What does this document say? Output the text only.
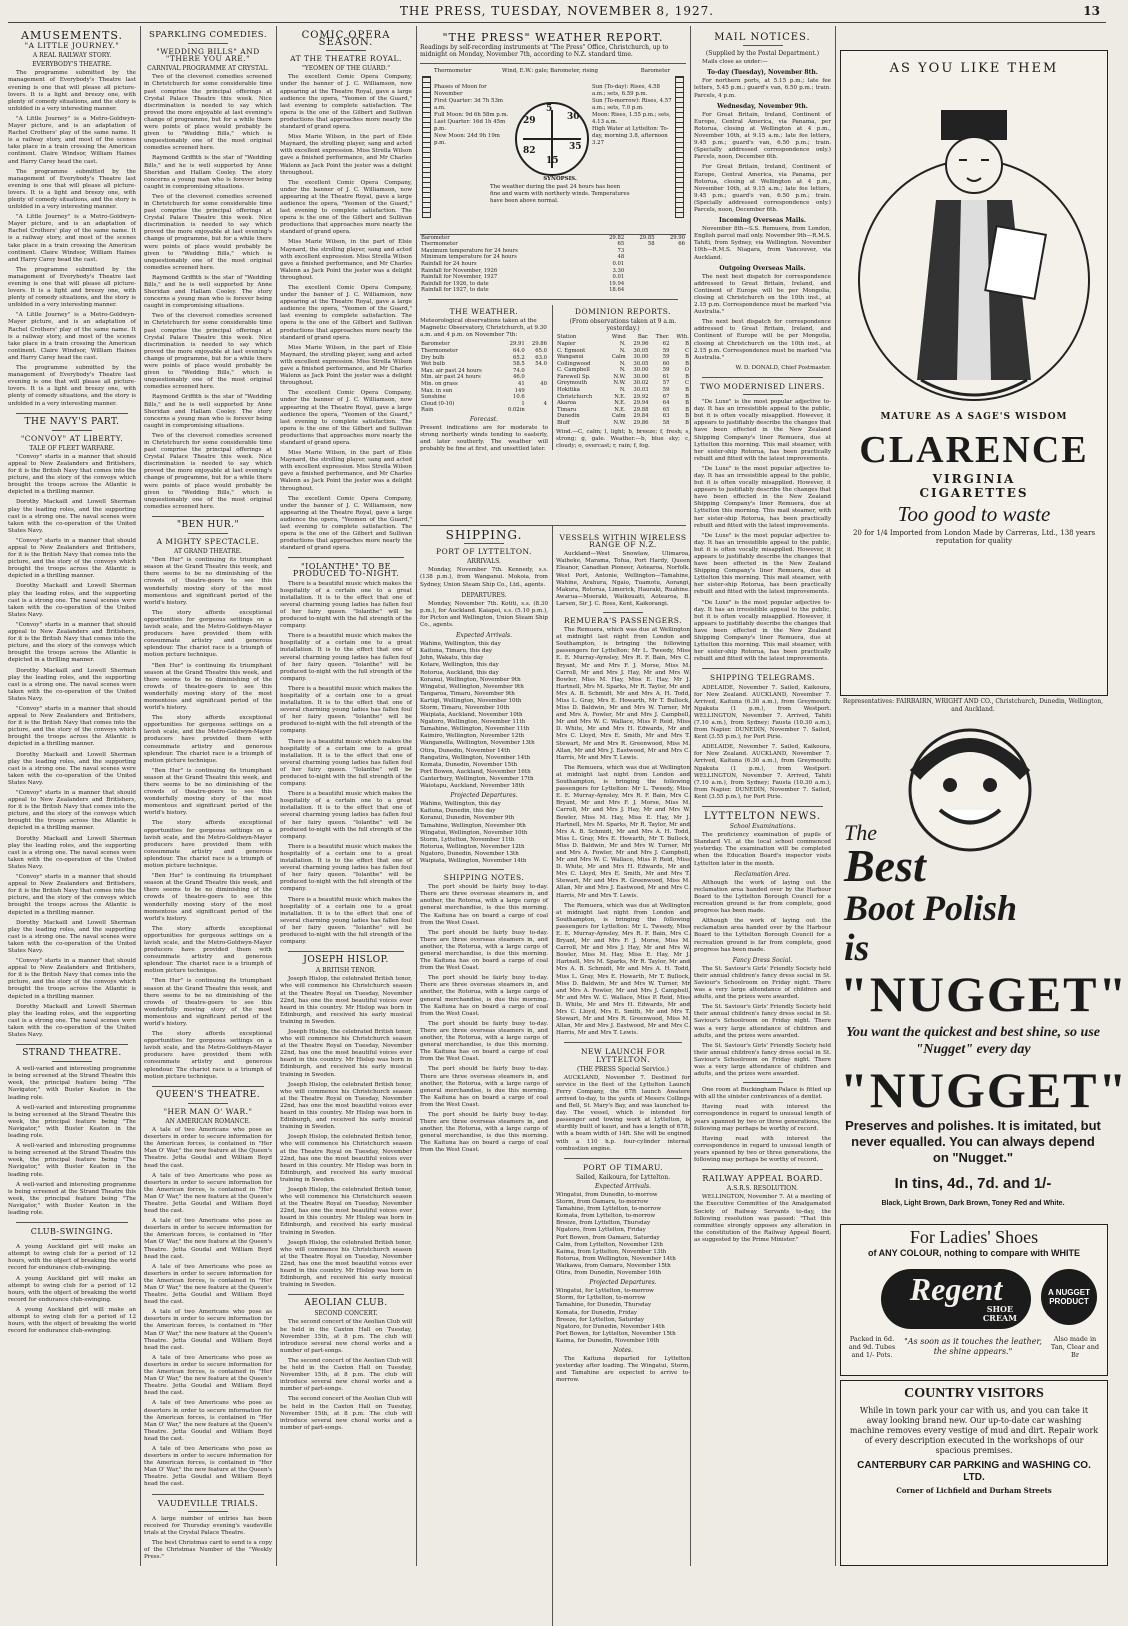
THE PRESS, TUESDAY, NOVEMBER 8, 1927.	13
AMUSEMENTS.
"A LITTLE JOURNEY."
A REAL RAILWAY STORY.
EVERYBODY'S THEATRE.

The programme submitted by the management of Everybody's Theatre last evening is one that will please all picture-lovers. It is a light and breezy one, with plenty of comedy situations, and the story is unfolded in a very interesting manner.

"A Little Journey" is a Metro-Goldwyn-Mayer picture, and is an adaptation of Rachel Crothers' play of the same name. It is a railway story, and most of the scenes take place in a train crossing the American continent. Claire Windsor, William Haines and Harry Carey head the cast.

The programme submitted by the management of Everybody's Theatre last evening is one that will please all picture-lovers. It is a light and breezy one, with plenty of comedy situations, and the story is unfolded in a very interesting manner.

"A Little Journey" is a Metro-Goldwyn-Mayer picture, and is an adaptation of Rachel Crothers' play of the same name. It is a railway story, and most of the scenes take place in a train crossing the American continent. Claire Windsor, William Haines and Harry Carey head the cast.

The programme submitted by the management of Everybody's Theatre last evening is one that will please all picture-lovers. It is a light and breezy one, with plenty of comedy situations, and the story is unfolded in a very interesting manner.

"A Little Journey" is a Metro-Goldwyn-Mayer picture, and is an adaptation of Rachel Crothers' play of the same name. It is a railway story, and most of the scenes take place in a train crossing the American continent. Claire Windsor, William Haines and Harry Carey head the cast.

The programme submitted by the management of Everybody's Theatre last evening is one that will please all picture-lovers. It is a light and breezy one, with plenty of comedy situations, and the story is unfolded in a very interesting manner.

THE NAVY'S PART.
"CONVOY" AT LIBERTY.
TALE OF FLEET WARFARE.

"Convoy" starts in a manner that should appeal to New Zealanders and Britishers, for it is the British Navy that comes into the picture, and the story of the convoys which brought the troops across the Atlantic is depicted in a thrilling manner.

Dorothy Mackaill and Lowell Sherman play the leading roles, and the supporting cast is a strong one. The naval scenes were taken with the co-operation of the United States Navy.

"Convoy" starts in a manner that should appeal to New Zealanders and Britishers, for it is the British Navy that comes into the picture, and the story of the convoys which brought the troops across the Atlantic is depicted in a thrilling manner.

Dorothy Mackaill and Lowell Sherman play the leading roles, and the supporting cast is a strong one. The naval scenes were taken with the co-operation of the United States Navy.

"Convoy" starts in a manner that should appeal to New Zealanders and Britishers, for it is the British Navy that comes into the picture, and the story of the convoys which brought the troops across the Atlantic is depicted in a thrilling manner.

Dorothy Mackaill and Lowell Sherman play the leading roles, and the supporting cast is a strong one. The naval scenes were taken with the co-operation of the United States Navy.

"Convoy" starts in a manner that should appeal to New Zealanders and Britishers, for it is the British Navy that comes into the picture, and the story of the convoys which brought the troops across the Atlantic is depicted in a thrilling manner.

Dorothy Mackaill and Lowell Sherman play the leading roles, and the supporting cast is a strong one. The naval scenes were taken with the co-operation of the United States Navy.

"Convoy" starts in a manner that should appeal to New Zealanders and Britishers, for it is the British Navy that comes into the picture, and the story of the convoys which brought the troops across the Atlantic is depicted in a thrilling manner.

Dorothy Mackaill and Lowell Sherman play the leading roles, and the supporting cast is a strong one. The naval scenes were taken with the co-operation of the United States Navy.

"Convoy" starts in a manner that should appeal to New Zealanders and Britishers, for it is the British Navy that comes into the picture, and the story of the convoys which brought the troops across the Atlantic is depicted in a thrilling manner.

Dorothy Mackaill and Lowell Sherman play the leading roles, and the supporting cast is a strong one. The naval scenes were taken with the co-operation of the United States Navy.

"Convoy" starts in a manner that should appeal to New Zealanders and Britishers, for it is the British Navy that comes into the picture, and the story of the convoys which brought the troops across the Atlantic is depicted in a thrilling manner.

Dorothy Mackaill and Lowell Sherman play the leading roles, and the supporting cast is a strong one. The naval scenes were taken with the co-operation of the United States Navy.

STRAND THEATRE.

A well-varied and interesting programme is being screened at the Strand Theatre this week, the principal feature being "The Navigator," with Buster Keaton in the leading role.

A well-varied and interesting programme is being screened at the Strand Theatre this week, the principal feature being "The Navigator," with Buster Keaton in the leading role.

A well-varied and interesting programme is being screened at the Strand Theatre this week, the principal feature being "The Navigator," with Buster Keaton in the leading role.

A well-varied and interesting programme is being screened at the Strand Theatre this week, the principal feature being "The Navigator," with Buster Keaton in the leading role.

CLUB-SWINGING.

A young Auckland girl will make an attempt to swing club for a period of 12 hours, with the object of breaking the world record for endurance club-swinging.

A young Auckland girl will make an attempt to swing club for a period of 12 hours, with the object of breaking the world record for endurance club-swinging.

A young Auckland girl will make an attempt to swing club for a period of 12 hours, with the object of breaking the world record for endurance club-swinging.

SPARKLING COMEDIES.
"WEDDING BILLS" AND "THERE YOU ARE."
CARNIVAL PROGRAMME AT CRYSTAL.

Two of the cleverest comedies screened in Christchurch for some considerable time past comprise the principal offerings at Crystal Palace Theatre this week. Nice discrimination is needed to say which proved the more enjoyable at last evening's change of programme, but for a while there were points of place would probably be given to "Wedding Bills," which is unquestionably one of the most original comedies screened here.

Raymond Griffith is the star of "Wedding Bills," and he is well supported by Anne Sheridan and Hallam Cooley. The story concerns a young man who is forever being caught in compromising situations.

Two of the cleverest comedies screened in Christchurch for some considerable time past comprise the principal offerings at Crystal Palace Theatre this week. Nice discrimination is needed to say which proved the more enjoyable at last evening's change of programme, but for a while there were points of place would probably be given to "Wedding Bills," which is unquestionably one of the most original comedies screened here.

Raymond Griffith is the star of "Wedding Bills," and he is well supported by Anne Sheridan and Hallam Cooley. The story concerns a young man who is forever being caught in compromising situations.

Two of the cleverest comedies screened in Christchurch for some considerable time past comprise the principal offerings at Crystal Palace Theatre this week. Nice discrimination is needed to say which proved the more enjoyable at last evening's change of programme, but for a while there were points of place would probably be given to "Wedding Bills," which is unquestionably one of the most original comedies screened here.

Raymond Griffith is the star of "Wedding Bills," and he is well supported by Anne Sheridan and Hallam Cooley. The story concerns a young man who is forever being caught in compromising situations.

Two of the cleverest comedies screened in Christchurch for some considerable time past comprise the principal offerings at Crystal Palace Theatre this week. Nice discrimination is needed to say which proved the more enjoyable at last evening's change of programme, but for a while there were points of place would probably be given to "Wedding Bills," which is unquestionably one of the most original comedies screened here.

"BEN HUR."
A MIGHTY SPECTACLE.
AT GRAND THEATRE.

"Ben Hur" is continuing its triumphant season at the Grand Theatre this week, and there seems to be no diminishing of the crowds of theatre-goers to see this wonderfully moving story of the most momentous and significant period of the world's history.

The story affords exceptional opportunities for gorgeous settings on a lavish scale, and the Metro-Goldwyn-Mayer producers have provided them with consummate artistry and generous splendour. The chariot race is a triumph of motion picture technique.

"Ben Hur" is continuing its triumphant season at the Grand Theatre this week, and there seems to be no diminishing of the crowds of theatre-goers to see this wonderfully moving story of the most momentous and significant period of the world's history.

The story affords exceptional opportunities for gorgeous settings on a lavish scale, and the Metro-Goldwyn-Mayer producers have provided them with consummate artistry and generous splendour. The chariot race is a triumph of motion picture technique.

"Ben Hur" is continuing its triumphant season at the Grand Theatre this week, and there seems to be no diminishing of the crowds of theatre-goers to see this wonderfully moving story of the most momentous and significant period of the world's history.

The story affords exceptional opportunities for gorgeous settings on a lavish scale, and the Metro-Goldwyn-Mayer producers have provided them with consummate artistry and generous splendour. The chariot race is a triumph of motion picture technique.

"Ben Hur" is continuing its triumphant season at the Grand Theatre this week, and there seems to be no diminishing of the crowds of theatre-goers to see this wonderfully moving story of the most momentous and significant period of the world's history.

The story affords exceptional opportunities for gorgeous settings on a lavish scale, and the Metro-Goldwyn-Mayer producers have provided them with consummate artistry and generous splendour. The chariot race is a triumph of motion picture technique.

"Ben Hur" is continuing its triumphant season at the Grand Theatre this week, and there seems to be no diminishing of the crowds of theatre-goers to see this wonderfully moving story of the most momentous and significant period of the world's history.

The story affords exceptional opportunities for gorgeous settings on a lavish scale, and the Metro-Goldwyn-Mayer producers have provided them with consummate artistry and generous splendour. The chariot race is a triumph of motion picture technique.

QUEEN'S THEATRE.
"HER MAN O' WAR."
AN AMERICAN ROMANCE.

A tale of two Americans who pose as deserters in order to secure information for the American forces, is contained in "Her Man O' War," the new feature at the Queen's Theatre. Jetta Goudal and William Boyd head the cast.

A tale of two Americans who pose as deserters in order to secure information for the American forces, is contained in "Her Man O' War," the new feature at the Queen's Theatre. Jetta Goudal and William Boyd head the cast.

A tale of two Americans who pose as deserters in order to secure information for the American forces, is contained in "Her Man O' War," the new feature at the Queen's Theatre. Jetta Goudal and William Boyd head the cast.

A tale of two Americans who pose as deserters in order to secure information for the American forces, is contained in "Her Man O' War," the new feature at the Queen's Theatre. Jetta Goudal and William Boyd head the cast.

A tale of two Americans who pose as deserters in order to secure information for the American forces, is contained in "Her Man O' War," the new feature at the Queen's Theatre. Jetta Goudal and William Boyd head the cast.

A tale of two Americans who pose as deserters in order to secure information for the American forces, is contained in "Her Man O' War," the new feature at the Queen's Theatre. Jetta Goudal and William Boyd head the cast.

A tale of two Americans who pose as deserters in order to secure information for the American forces, is contained in "Her Man O' War," the new feature at the Queen's Theatre. Jetta Goudal and William Boyd head the cast.

A tale of two Americans who pose as deserters in order to secure information for the American forces, is contained in "Her Man O' War," the new feature at the Queen's Theatre. Jetta Goudal and William Boyd head the cast.

VAUDEVILLE TRIALS.

A large number of entries has been received for Thursday evening's vaudeville trials at the Crystal Palace Theatre.

The best Christmas card to send is a copy of the Christmas Number of the "Weekly Press."

COMIC OPERA SEASON.
AT THE THEATRE ROYAL.
"YEOMEN OF THE GUARD."

The excellent Comic Opera Company, under the banner of J. C. Williamson, now appearing at the Theatre Royal, gave a large audience the opera, "Yeomen of the Guard," last evening to complete satisfaction. The opera is the one of the Gilbert and Sullivan productions that approaches more nearly the standard of grand opera.

Miss Marie Wilson, in the part of Elsie Maynard, the strolling player, sang and acted with excellent expression. Miss Strella Wilson gave a finished performance, and Mr Charles Walenn as Jack Point the jester was a delight throughout.

The excellent Comic Opera Company, under the banner of J. C. Williamson, now appearing at the Theatre Royal, gave a large audience the opera, "Yeomen of the Guard," last evening to complete satisfaction. The opera is the one of the Gilbert and Sullivan productions that approaches more nearly the standard of grand opera.

Miss Marie Wilson, in the part of Elsie Maynard, the strolling player, sang and acted with excellent expression. Miss Strella Wilson gave a finished performance, and Mr Charles Walenn as Jack Point the jester was a delight throughout.

The excellent Comic Opera Company, under the banner of J. C. Williamson, now appearing at the Theatre Royal, gave a large audience the opera, "Yeomen of the Guard," last evening to complete satisfaction. The opera is the one of the Gilbert and Sullivan productions that approaches more nearly the standard of grand opera.

Miss Marie Wilson, in the part of Elsie Maynard, the strolling player, sang and acted with excellent expression. Miss Strella Wilson gave a finished performance, and Mr Charles Walenn as Jack Point the jester was a delight throughout.

The excellent Comic Opera Company, under the banner of J. C. Williamson, now appearing at the Theatre Royal, gave a large audience the opera, "Yeomen of the Guard," last evening to complete satisfaction. The opera is the one of the Gilbert and Sullivan productions that approaches more nearly the standard of grand opera.

Miss Marie Wilson, in the part of Elsie Maynard, the strolling player, sang and acted with excellent expression. Miss Strella Wilson gave a finished performance, and Mr Charles Walenn as Jack Point the jester was a delight throughout.

The excellent Comic Opera Company, under the banner of J. C. Williamson, now appearing at the Theatre Royal, gave a large audience the opera, "Yeomen of the Guard," last evening to complete satisfaction. The opera is the one of the Gilbert and Sullivan productions that approaches more nearly the standard of grand opera.

"IOLANTHE" TO BE PRODUCED TO-NIGHT.

There is a beautiful music which makes the hospitality of a certain one to a great installation. It is to the effect that one of several charming young ladies has fallen foul of her fairy queen. "Iolanthe" will be produced to-night with the full strength of the company.

There is a beautiful music which makes the hospitality of a certain one to a great installation. It is to the effect that one of several charming young ladies has fallen foul of her fairy queen. "Iolanthe" will be produced to-night with the full strength of the company.

There is a beautiful music which makes the hospitality of a certain one to a great installation. It is to the effect that one of several charming young ladies has fallen foul of her fairy queen. "Iolanthe" will be produced to-night with the full strength of the company.

There is a beautiful music which makes the hospitality of a certain one to a great installation. It is to the effect that one of several charming young ladies has fallen foul of her fairy queen. "Iolanthe" will be produced to-night with the full strength of the company.

There is a beautiful music which makes the hospitality of a certain one to a great installation. It is to the effect that one of several charming young ladies has fallen foul of her fairy queen. "Iolanthe" will be produced to-night with the full strength of the company.

There is a beautiful music which makes the hospitality of a certain one to a great installation. It is to the effect that one of several charming young ladies has fallen foul of her fairy queen. "Iolanthe" will be produced to-night with the full strength of the company.

There is a beautiful music which makes the hospitality of a certain one to a great installation. It is to the effect that one of several charming young ladies has fallen foul of her fairy queen. "Iolanthe" will be produced to-night with the full strength of the company.

JOSEPH HISLOP.
A BRITISH TENOR.

Joseph Hislop, the celebrated British tenor, who will commence his Christchurch season at the Theatre Royal on Tuesday, November 22nd, has one the most beautiful voices ever heard in this country. Mr Hislop was born in Edinburgh, and received his early musical training in Sweden.

Joseph Hislop, the celebrated British tenor, who will commence his Christchurch season at the Theatre Royal on Tuesday, November 22nd, has one the most beautiful voices ever heard in this country. Mr Hislop was born in Edinburgh, and received his early musical training in Sweden.

Joseph Hislop, the celebrated British tenor, who will commence his Christchurch season at the Theatre Royal on Tuesday, November 22nd, has one the most beautiful voices ever heard in this country. Mr Hislop was born in Edinburgh, and received his early musical training in Sweden.

Joseph Hislop, the celebrated British tenor, who will commence his Christchurch season at the Theatre Royal on Tuesday, November 22nd, has one the most beautiful voices ever heard in this country. Mr Hislop was born in Edinburgh, and received his early musical training in Sweden.

Joseph Hislop, the celebrated British tenor, who will commence his Christchurch season at the Theatre Royal on Tuesday, November 22nd, has one the most beautiful voices ever heard in this country. Mr Hislop was born in Edinburgh, and received his early musical training in Sweden.

Joseph Hislop, the celebrated British tenor, who will commence his Christchurch season at the Theatre Royal on Tuesday, November 22nd, has one the most beautiful voices ever heard in this country. Mr Hislop was born in Edinburgh, and received his early musical training in Sweden.

AEOLIAN CLUB.
SECOND CONCERT.

The second concert of the Aeolian Club will be held in the Caxton Hall on Tuesday, November 15th, at 8 p.m. The club will introduce several new choral works and a number of part-songs.

The second concert of the Aeolian Club will be held in the Caxton Hall on Tuesday, November 15th, at 8 p.m. The club will introduce several new choral works and a number of part-songs.

The second concert of the Aeolian Club will be held in the Caxton Hall on Tuesday, November 15th, at 8 p.m. The club will introduce several new choral works and a number of part-songs.

"THE PRESS" WEATHER REPORT.
Readings by self-recording instruments at "The Press" Office, Christchurch, up to midnight on Monday, November 7th, according to N.Z. standard time.
Thermometer	Barometer
Wind, E.W.: gale; Barometer, rising
Phases of Moon for November
First Quarter: 3d 7h 53m a.m.
Full Moon: 9d 6h 58m p.m.
Last Quarter: 16d 1h 45m p.m.
New Moon: 24d 9h 19m p.m.
5
30
35
29
82
15
Sun (To-day): Rises, 4.58 a.m.; sets, 6.59 p.m.
Sun (To-morrow): Rises, 4.57 a.m.; sets, 7.0 p.m.
Moon: Rises, 1.55 p.m.; sets, 4.13 a.m.
High Water at Lyttelton: To-day, morning 3.8, afternoon 3.27
SYNOPSIS.
The weather during the past 24 hours has been fine and warm with northerly winds. Temperatures have been above normal.
Barometer	29.82	29.85	29.90
Thermometer	65	58	66
Maximum temperature for 24 hours	73		
Minimum temperature for 24 hours	48		
Rainfall for 24 hours	0.01		
Rainfall for November, 1926	3.30		
Rainfall for November, 1927	0.01		
Rainfall for 1926, to date	19.94		
Rainfall for 1927, to date	18.64		
THE WEATHER.
Meteorological observations taken at the Magnetic Observatory, Christchurch, at 9.30 a.m. and 4 p.m. on November 7th:
Barometer	29.91	29.86
Thermometer	64.0	65.0
Dry bulb	65.2	63.0
Wet bulb	58.5	54.0
Max. air past 24 hours	74.0	
Min. air past 24 hours	46.0	
Min. on grass	41	40
Max. in sun	149	
Sunshine	10.6	
Cloud (0-10)	1	4
Rain	0.02in	
Forecast.
Present indications are for moderate to strong northerly winds tending to easterly, and later southerly. The weather will probably be fine at first, and unsettled later.
DOMINION REPORTS.
(From observations taken at 9 a.m. yesterday.)
Station	Wind	Bar.	Ther.	Wth.
Napier	N.	29.96	62	B
C. Egmont	N.	30.05	59	C
Wanganui	Calm	30.00	59	B
Collingwood	N.	30.05	60	B
C. Campbell	N.	30.00	59	O
Farewell Sp.	N.W.	30.00	61	B
Greymouth	N.W.	30.02	57	C
Hokitika	N.	30.03	59	B
Christchurch	N.E.	29.92	67	B
Akaroa	N.E.	29.94	64	B
Timaru	N.E.	29.88	65	B
Dunedin	Calm	29.84	63	B
Bluff	N.W.	29.86	58	B
Wind.—C, calm; l, light; b, breeze; f, fresh; s, strong; g, gale. Weather.—b, blue sky; c, cloudy; o, overcast; r, rain; f, fog.
SHIPPING.
PORT OF LYTTELTON.
ARRIVALS.

Monday, November 7th. Kennedy, s.s. (138 p.m.), from Wanganui. Mokoia, from Sydney, Union Steam Ship Co., Ltd., agents.

DEPARTURES.

Monday, November 7th. Kotiti, s.s. (8.30 p.m.), for Auckland. Kaiapoi, s.s. (5.10 p.m.), for Picton and Wellington, Union Steam Ship Co., agents.

Expected Arrivals.
Wahine, Wellington, this day
Kaituna, Timaru, this day
John, Wakatu, this day
Kotare, Wellington, this day
Rotorua, Auckland, this day
Koranui, Wellington, November 9th
Wingatui, Wellington, November 9th
Tangaroa, Timaru, November 9th
Kartigi, Wellington, November 10th
Storm, Timaru, November 10th
Waipiata, Auckland, November 10th
Ngatoro, Wellington, November 11th
Tamahine, Wellington, November 11th
Kaimiro, Wellington, November 12th
Wanganella, Wellington, November 13th
Otira, Dunedin, November 14th
Rangatira, Wellington, November 14th
Komata, Dunedin, November 15th
Port Bowen, Auckland, November 16th
Canterbury, Wellington, November 17th
Waiotapu, Auckland, November 18th
Projected Departures.
Wahine, Wellington, this day
Kaituna, Dunedin, this day
Koranui, Dunedin, November 9th
Tamahine, Wellington, November 9th
Wingatui, Wellington, November 10th
Storm, Lyttelton, November 11th
Rotorua, Wellington, November 12th
Ngatoro, Dunedin, November 13th
Waipiata, Wellington, November 14th
SHIPPING NOTES.

The port should be fairly busy to-day. There are three overseas steamers in, and another, the Rotorua, with a large cargo of general merchandise, is due this morning. The Kaituna has on board a cargo of coal from the West Coast.

The port should be fairly busy to-day. There are three overseas steamers in, and another, the Rotorua, with a large cargo of general merchandise, is due this morning. The Kaituna has on board a cargo of coal from the West Coast.

The port should be fairly busy to-day. There are three overseas steamers in, and another, the Rotorua, with a large cargo of general merchandise, is due this morning. The Kaituna has on board a cargo of coal from the West Coast.

The port should be fairly busy to-day. There are three overseas steamers in, and another, the Rotorua, with a large cargo of general merchandise, is due this morning. The Kaituna has on board a cargo of coal from the West Coast.

The port should be fairly busy to-day. There are three overseas steamers in, and another, the Rotorua, with a large cargo of general merchandise, is due this morning. The Kaituna has on board a cargo of coal from the West Coast.

The port should be fairly busy to-day. There are three overseas steamers in, and another, the Rotorua, with a large cargo of general merchandise, is due this morning. The Kaituna has on board a cargo of coal from the West Coast.

VESSELS WITHIN WIRELESS RANGE OF N.Z.

Auckland—West Snowlaw, Ulimaroa, Waiheke, Marama, Tofua, Port Hardy, Queen Eleanor, Canadian Pioneer, Aotearoa, Norfolk. West Port, Antonie, Wellington—Tamahine, Wahine, Arahura, Ngaio, Tuamotu, Aorangi, Makura, Rotorua, Limerick, Hauraki, Ruahine. Awarua—Moeraki, Waikouaiti, Aotearoa, B. Larsen, Sir J. C. Ross, Kent, Kaikorangi.

REMUERA'S PASSENGERS.

The Remuera, which was due at Wellington at midnight last night from London and Southampton, is bringing the following passengers for Lyttelton: Mr L. Tweedy, Miss E. E. Murray-Aynsley, Mrs R. F. Bain, Mrs C. Bryant, Mr and Mrs F. J. Morse, Miss M. Carroll, Mr and Mrs J. Hay, Mr and Mrs W. Bowler, Miss M. Hay, Miss E. Hay, Mr J. Hartnell, Mrs M. Sparks, Mr R. Taylor, Mr and Mrs A. B. Schmidt, Mr and Mrs A. H. Todd, Miss L. Gray, Mrs E. Howarth, Mr T. Bullock, Miss D. Baldwin, Mr and Mrs W. Turner, Mr and Mrs A. Fowler, Mr and Mrs J. Campbell, Mr and Mrs W. C. Wallace, Miss P. Reid, Miss D. White, Mr and Mrs H. Edwards, Mr and Mrs C. Lloyd, Mrs E. Smith, Mr and Mrs T. Stewart, Mr and Mrs R. Greenwood, Miss M. Allan, Mr and Mrs J. Eastwood, Mr and Mrs C. Harris, Mr and Mrs T. Lewis.

The Remuera, which was due at Wellington at midnight last night from London and Southampton, is bringing the following passengers for Lyttelton: Mr L. Tweedy, Miss E. E. Murray-Aynsley, Mrs R. F. Bain, Mrs C. Bryant, Mr and Mrs F. J. Morse, Miss M. Carroll, Mr and Mrs J. Hay, Mr and Mrs W. Bowler, Miss M. Hay, Miss E. Hay, Mr J. Hartnell, Mrs M. Sparks, Mr R. Taylor, Mr and Mrs A. B. Schmidt, Mr and Mrs A. H. Todd, Miss L. Gray, Mrs E. Howarth, Mr T. Bullock, Miss D. Baldwin, Mr and Mrs W. Turner, Mr and Mrs A. Fowler, Mr and Mrs J. Campbell, Mr and Mrs W. C. Wallace, Miss P. Reid, Miss D. White, Mr and Mrs H. Edwards, Mr and Mrs C. Lloyd, Mrs E. Smith, Mr and Mrs T. Stewart, Mr and Mrs R. Greenwood, Miss M. Allan, Mr and Mrs J. Eastwood, Mr and Mrs C. Harris, Mr and Mrs T. Lewis.

The Remuera, which was due at Wellington at midnight last night from London and Southampton, is bringing the following passengers for Lyttelton: Mr L. Tweedy, Miss E. E. Murray-Aynsley, Mrs R. F. Bain, Mrs C. Bryant, Mr and Mrs F. J. Morse, Miss M. Carroll, Mr and Mrs J. Hay, Mr and Mrs W. Bowler, Miss M. Hay, Miss E. Hay, Mr J. Hartnell, Mrs M. Sparks, Mr R. Taylor, Mr and Mrs A. B. Schmidt, Mr and Mrs A. H. Todd, Miss L. Gray, Mrs E. Howarth, Mr T. Bullock, Miss D. Baldwin, Mr and Mrs W. Turner, Mr and Mrs A. Fowler, Mr and Mrs J. Campbell, Mr and Mrs W. C. Wallace, Miss P. Reid, Miss D. White, Mr and Mrs H. Edwards, Mr and Mrs C. Lloyd, Mrs E. Smith, Mr and Mrs T. Stewart, Mr and Mrs R. Greenwood, Miss M. Allan, Mr and Mrs J. Eastwood, Mr and Mrs C. Harris, Mr and Mrs T. Lewis.

NEW LAUNCH FOR LYTTELTON.
(THE PRESS Special Service.)

AUCKLAND, November 7. Destined for service in the fleet of the Lyttelton Launch Ferry Company, the 67ft launch Awatere arrived to-day, to the yards of Messrs Collings and Bell, St. Mary's Bay, and was launched to-day. The vessel, which is intended for passenger and towing work at Lyttelton, is sturdily built of kauri, and has a length of 67ft, with a beam width of 14ft. She will be engined with a 110 h.p. four-cylinder internal combustion engine.

PORT OF TIMARU.
Sailed, Kaikoura, for Lyttelton.
Expected Arrivals.
Wingatui, from Dunedin, to-morrow
Storm, from Oamaru, to-morrow
Tamahine, from Lyttelton, to-morrow
Komata, from Lyttelton, to-morrow
Breeze, from Lyttelton, Thursday
Ngatoro, from Lyttelton, Friday
Port Bowen, from Oamaru, Saturday
Calm, from Lyttelton, November 12th
Kaima, from Lyttelton, November 13th
Rotorua, from Wellington, November 14th
Waikawa, from Oamaru, November 15th
Otira, from Dunedin, November 16th
Projected Departures.
Wingatui, for Lyttelton, to-morrow
Storm, for Lyttelton, to-morrow
Tamahine, for Dunedin, Thursday
Komata, for Dunedin, Friday
Breeze, for Lyttelton, Saturday
Ngatoro, for Dunedin, November 14th
Port Bowen, for Lyttelton, November 15th
Kaima, for Dunedin, November 16th
Notes.

The Kaituna departed for Lyttelton yesterday after loading. The Wingatui, Storm, and Tamahine are expected to arrive to-morrow.

MAIL NOTICES.
(Supplied by the Postal Department.)

Mails close as under:—

To-day (Tuesday), November 8th.

For northern ports, at 5.15 p.m.; late fee letters, 5.45 p.m.; guard's van, 6.50 p.m.; train. Parcels, 4 p.m.

Wednesday, November 9th.

For Great Britain, Ireland, Continent of Europe, Central America, via Panama, per Rotorua, closing at Wellington at 4 p.m., November 10th, at 9.15 a.m.; late fee letters, 9.45 p.m.; guard's van, 6.50 p.m.; train. (Specially addressed correspondence only.) Parcels, noon, December 6th.

For Great Britain, Ireland, Continent of Europe, Central America, via Panama, per Rotorua, closing at Wellington at 4 p.m., November 10th, at 9.15 a.m.; late fee letters, 9.45 p.m.; guard's van, 6.50 p.m.; train. (Specially addressed correspondence only.) Parcels, noon, December 6th.

Incoming Overseas Mails.

November 8th—S.S. Remuera, from London, English parcel mail only. November 9th—R.M.S. Tahiti, from Sydney, via Wellington. November 10th—R.M.S. Niagara, from Vancouver, via Auckland.

Outgoing Overseas Mails.

The next best dispatch for correspondence addressed to Great Britain, Ireland, and Continent of Europe will be per Mongolia, closing at Christchurch on the 10th inst., at 2.15 p.m. Correspondence must be marked "via Australia."

The next best dispatch for correspondence addressed to Great Britain, Ireland, and Continent of Europe will be per Mongolia, closing at Christchurch on the 10th inst., at 2.15 p.m. Correspondence must be marked "via Australia."

W. D. DONALD, Chief Postmaster.
TWO MODERNISED LINERS.

"De Luxe" is the most popular adjective to-day. It has an irresistible appeal to the public, but it is often vocally misapplied. However, it appears to justifiably describe the changes that have been effected in the New Zealand Shipping Company's liner Remuera, due at Lyttelton this morning. This mail steamer, with her sister-ship Rotorua, has been practically rebuilt and fitted with the latest improvements.

"De Luxe" is the most popular adjective to-day. It has an irresistible appeal to the public, but it is often vocally misapplied. However, it appears to justifiably describe the changes that have been effected in the New Zealand Shipping Company's liner Remuera, due at Lyttelton this morning. This mail steamer, with her sister-ship Rotorua, has been practically rebuilt and fitted with the latest improvements.

"De Luxe" is the most popular adjective to-day. It has an irresistible appeal to the public, but it is often vocally misapplied. However, it appears to justifiably describe the changes that have been effected in the New Zealand Shipping Company's liner Remuera, due at Lyttelton this morning. This mail steamer, with her sister-ship Rotorua, has been practically rebuilt and fitted with the latest improvements.

"De Luxe" is the most popular adjective to-day. It has an irresistible appeal to the public, but it is often vocally misapplied. However, it appears to justifiably describe the changes that have been effected in the New Zealand Shipping Company's liner Remuera, due at Lyttelton this morning. This mail steamer, with her sister-ship Rotorua, has been practically rebuilt and fitted with the latest improvements.

SHIPPING TELEGRAMS.

ADELAIDE, November 7. Sailed, Kaikoura, for New Zealand. AUCKLAND, November 7. Arrived, Kaituna (6.30 a.m.), from Greymouth; Ngakuta (1 p.m.), from Westport. WELLINGTON, November 7. Arrived, Tahiti (7.10 a.m.), from Sydney; Fausta (10.30 a.m.), from Napier. DUNEDIN, November 7. Sailed, Kent (3.55 p.m.), for Port Pirie.

ADELAIDE, November 7. Sailed, Kaikoura, for New Zealand. AUCKLAND, November 7. Arrived, Kaituna (6.30 a.m.), from Greymouth; Ngakuta (1 p.m.), from Westport. WELLINGTON, November 7. Arrived, Tahiti (7.10 a.m.), from Sydney; Fausta (10.30 a.m.), from Napier. DUNEDIN, November 7. Sailed, Kent (3.55 p.m.), for Port Pirie.

LYTTELTON NEWS.
School Examinations.

The proficiency examination of pupils of Standard VI. at the local school commenced yesterday. The examination will be completed when the Education Board's inspector visits Lyttelton later in the month.

Reclamation Area.

Although the work of laying out the reclamation area handed over by the Harbour Board to the Lyttelton Borough Council for a recreation ground is far from complete, good progress has been made.

Although the work of laying out the reclamation area handed over by the Harbour Board to the Lyttelton Borough Council for a recreation ground is far from complete, good progress has been made.

Fancy Dress Social.

The St. Saviour's Girls' Friendly Society held their annual children's fancy dress social in St. Saviour's Schoolroom on Friday night. There was a very large attendance of children and adults, and the prizes were awarded.

The St. Saviour's Girls' Friendly Society held their annual children's fancy dress social in St. Saviour's Schoolroom on Friday night. There was a very large attendance of children and adults, and the prizes were awarded.

The St. Saviour's Girls' Friendly Society held their annual children's fancy dress social in St. Saviour's Schoolroom on Friday night. There was a very large attendance of children and adults, and the prizes were awarded.

One room at Buckingham Palace is fitted up with all the sinister contrivances of a dentist.

Having read with interest the correspondence in regard to unusual length of years spanned by two or three generations, the following may perhaps be worthy of record.

Having read with interest the correspondence in regard to unusual length of years spanned by two or three generations, the following may perhaps be worthy of record.

RAILWAY APPEAL BOARD.
A.S.R.S. RESOLUTION.

WELLINGTON, November 7. At a meeting of the Executive Committee of the Amalgamated Society of Railway Servants to-day, the following resolution was passed: "That this committee strongly opposes any alteration in the constitution of the Railway Appeal Board, as suggested by the Prime Minister."

AS YOU LIKE THEM
MATURE AS A SAGE'S WISDOM
CLARENCE
VIRGINIA
CIGARETTES
Too good to waste
20 for 1/4 Imported from London Made by Carreras, Ltd., 138 years reputation for quality
Representatives: FAIRBAIRN, WRIGHT AND CO., Christchurch, Dunedin, Wellington, and Auckland.
The
Best
Boot Polish
is
"NUGGET"
You want the quickest and best shine, so use "Nugget" every day
"NUGGET"
Preserves and polishes. It is imitated, but never equalled. You can always depend on "Nugget."
In tins, 4d., 7d. and 1/-
Black, Light Brown, Dark Brown, Toney Red and White.
For Ladies' Shoes
of ANY COLOUR, nothing to compare with WHITE
Regent
SHOE
CREAM
A NUGGET PRODUCT
Packed in 6d. and 9d. Tubes and 1/- Pots.
"As soon as it touches the leather, the shine appears."
Also made in Tan, Clear and Br
COUNTRY VISITORS
While in town park your car with us, and you can take it away looking brand new. Our up-to-date car washing machine removes every vestige of mud and dirt. Repair work of every description executed in the workshops of our spacious premises.
CANTERBURY CAR PARKING and WASHING CO. LTD.
Corner of Lichfield and Durham Streets
